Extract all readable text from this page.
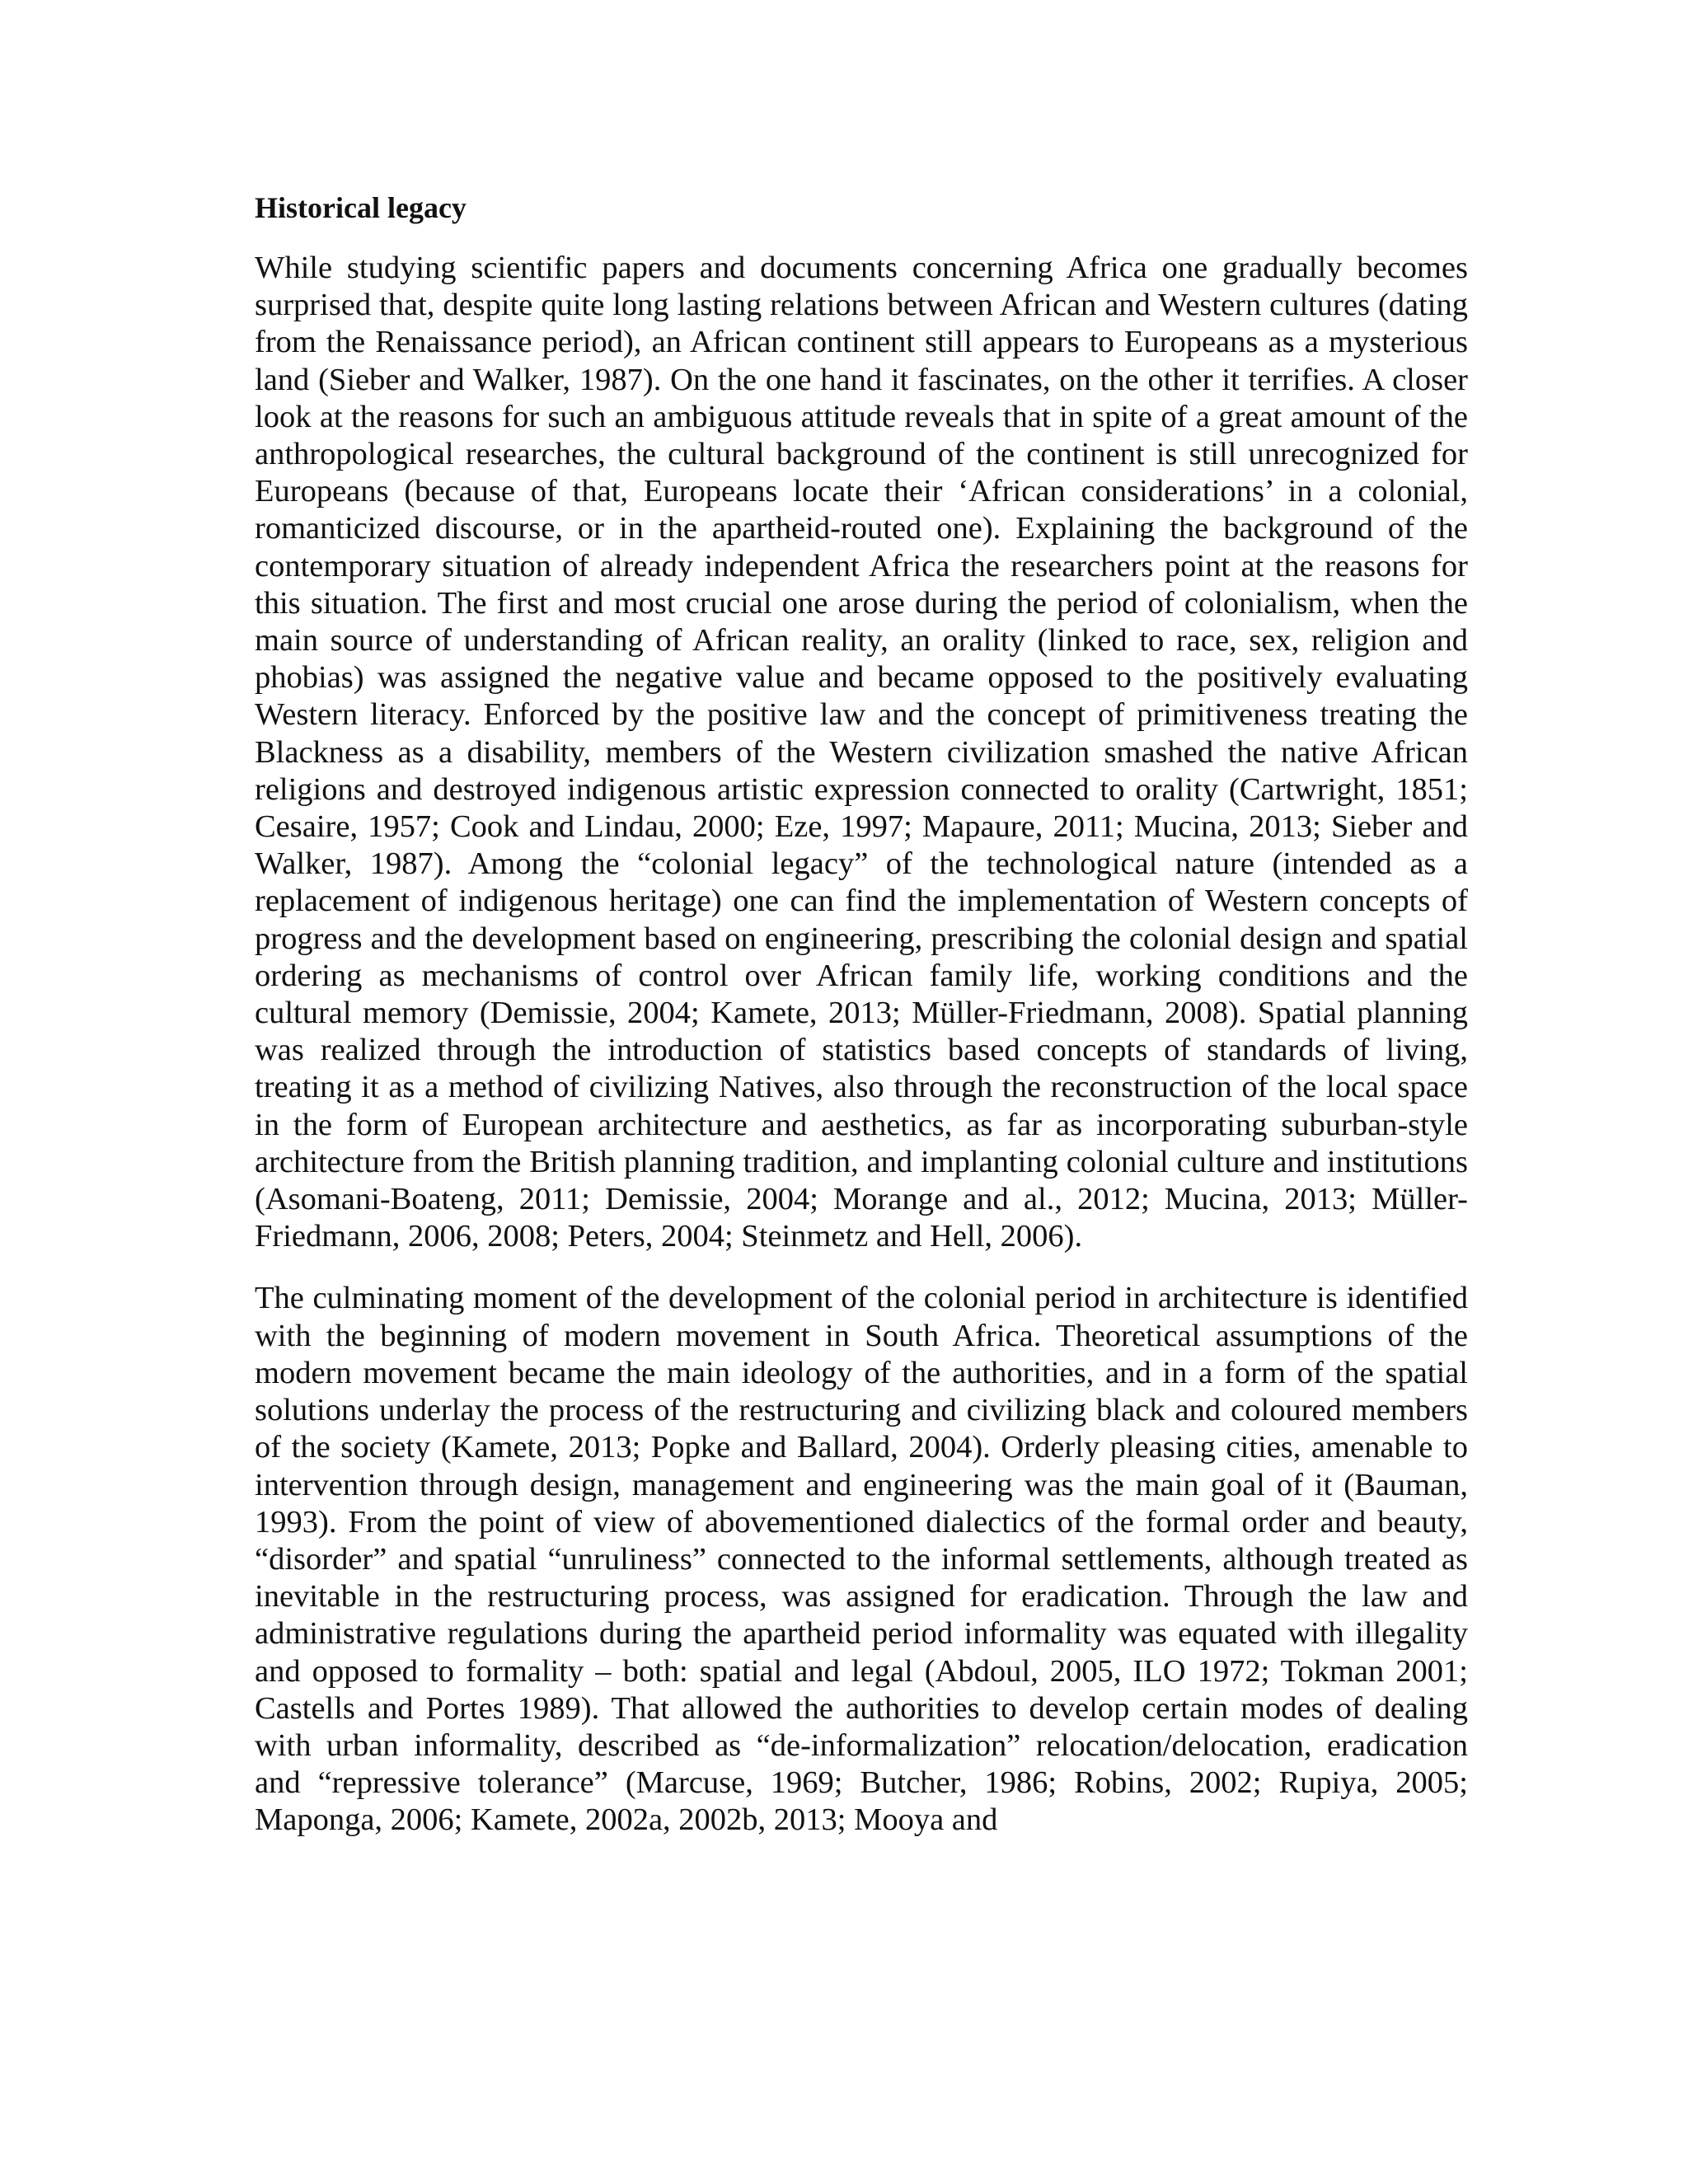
Historical legacy

While studying scientific papers and documents concerning Africa one gradually becomes surprised that, despite quite long lasting relations between African and Western cultures (dating from the Renaissance period), an African continent still appears to Europeans as a mysterious land (Sieber and Walker, 1987). On the one hand it fascinates, on the other it terrifies. A closer look at the reasons for such an ambiguous attitude reveals that in spite of a great amount of the anthropological researches, the cultural background of the continent is still unrecognized for Europeans (because of that, Europeans locate their ‘African considerations’ in a colonial, romanticized discourse, or in the apartheid-routed one). Explaining the background of the contemporary situation of already independent Africa the researchers point at the reasons for this situation. The first and most crucial one arose during the period of colonialism, when the main source of understanding of African reality, an orality (linked to race, sex, religion and phobias) was assigned the negative value and became opposed to the positively evaluating Western literacy. Enforced by the positive law and the concept of primitiveness treating the Blackness as a disability, members of the Western civilization smashed the native African religions and destroyed indigenous artistic expression connected to orality (Cartwright, 1851; Cesaire, 1957; Cook and Lindau, 2000; Eze, 1997; Mapaure, 2011; Mucina, 2013; Sieber and Walker, 1987). Among the “colonial legacy” of the technological nature (intended as a replacement of indigenous heritage) one can find the implementation of Western concepts of progress and the development based on engineering, prescribing the colonial design and spatial ordering as mechanisms of control over African family life, working conditions and the cultural memory (Demissie, 2004; Kamete, 2013; Müller-Friedmann, 2008). Spatial planning was realized through the introduction of statistics based concepts of standards of living, treating it as a method of civilizing Natives, also through the reconstruction of the local space in the form of European architecture and aesthetics, as far as incorporating suburban-style architecture from the British planning tradition, and implanting colonial culture and institutions (Asomani-Boateng, 2011; Demissie, 2004; Morange and al., 2012; Mucina, 2013; Müller-Friedmann, 2006, 2008; Peters, 2004; Steinmetz and Hell, 2006).

The culminating moment of the development of the colonial period in architecture is identified with the beginning of modern movement in South Africa. Theoretical assumptions of the modern movement became the main ideology of the authorities, and in a form of the spatial solutions underlay the process of the restructuring and civilizing black and coloured members of the society (Kamete, 2013; Popke and Ballard, 2004). Orderly pleasing cities, amenable to intervention through design, management and engineering was the main goal of it (Bauman, 1993). From the point of view of abovementioned dialectics of the formal order and beauty, “disorder” and spatial “unruliness” connected to the informal settlements, although treated as inevitable in the restructuring process, was assigned for eradication. Through the law and administrative regulations during the apartheid period informality was equated with illegality and opposed to formality – both: spatial and legal (Abdoul, 2005, ILO 1972; Tokman 2001; Castells and Portes 1989). That allowed the authorities to develop certain modes of dealing with urban informality, described as “de-informalization” relocation/delocation, eradication and “repressive tolerance” (Marcuse, 1969; Butcher, 1986; Robins, 2002; Rupiya, 2005; Maponga, 2006; Kamete, 2002a, 2002b, 2013; Mooya and
